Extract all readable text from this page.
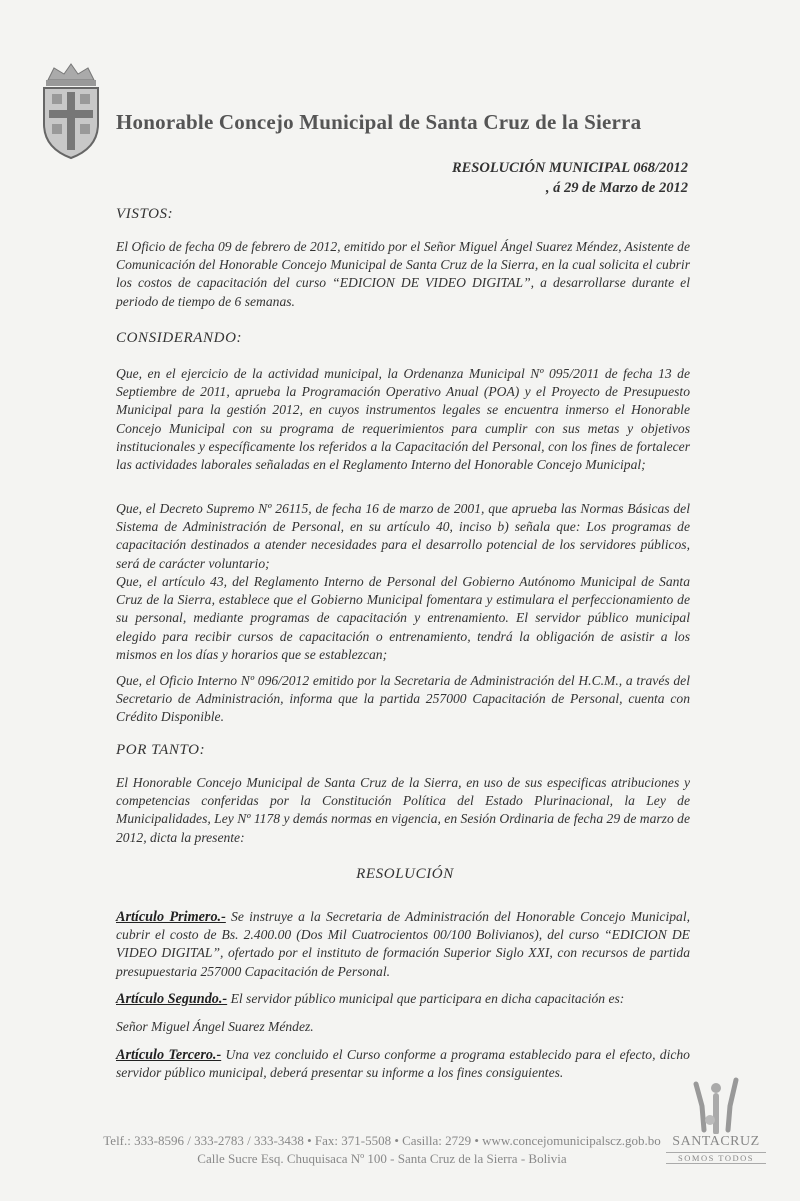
Honorable Concejo Municipal de Santa Cruz de la Sierra
RESOLUCIÓN MUNICIPAL 068/2012
, á 29 de Marzo de 2012
VISTOS:

El Oficio de fecha 09 de febrero de 2012, emitido por el Señor Miguel Ángel Suarez Méndez, Asistente de Comunicación del Honorable Concejo Municipal de Santa Cruz de la Sierra, en la cual solicita el cubrir los costos de capacitación del curso “EDICION DE VIDEO DIGITAL”, a desarrollarse durante el periodo de tiempo de 6 semanas.

CONSIDERANDO:

Que, en el ejercicio de la actividad municipal, la Ordenanza Municipal Nº 095/2011 de fecha 13 de Septiembre de 2011, aprueba la Programación Operativo Anual (POA) y el Proyecto de Presupuesto Municipal para la gestión 2012, en cuyos instrumentos legales se encuentra inmerso el Honorable Concejo Municipal con su programa de requerimientos para cumplir con sus metas y objetivos institucionales y específicamente los referidos a la Capacitación del Personal, con los fines de fortalecer las actividades laborales señaladas en el Reglamento Interno del Honorable Concejo Municipal;

Que, el Decreto Supremo Nº 26115, de fecha 16 de marzo de 2001, que aprueba las Normas Básicas del Sistema de Administración de Personal, en su artículo 40, inciso b) señala que: Los programas de capacitación destinados a atender necesidades para el desarrollo potencial de los servidores públicos, será de carácter voluntario;

Que, el artículo 43, del Reglamento Interno de Personal del Gobierno Autónomo Municipal de Santa Cruz de la Sierra, establece que el Gobierno Municipal fomentara y estimulara el perfeccionamiento de su personal, mediante programas de capacitación y entrenamiento. El servidor público municipal elegido para recibir cursos de capacitación o entrenamiento, tendrá la obligación de asistir a los mismos en los días y horarios que se establezcan;

Que, el Oficio Interno Nº 096/2012 emitido por la Secretaria de Administración del H.C.M., a través del Secretario de Administración, informa que la partida 257000 Capacitación de Personal, cuenta con Crédito Disponible.

POR TANTO:

El Honorable Concejo Municipal de Santa Cruz de la Sierra, en uso de sus especificas atribuciones y competencias conferidas por la Constitución Política del Estado Plurinacional, la Ley de Municipalidades, Ley Nº 1178 y demás normas en vigencia, en Sesión Ordinaria de fecha 29 de marzo de 2012, dicta la presente:

RESOLUCIÓN

Artículo Primero.- Se instruye a la Secretaria de Administración del Honorable Concejo Municipal, cubrir el costo de Bs. 2.400.00 (Dos Mil Cuatrocientos 00/100 Bolivianos), del curso “EDICION DE VIDEO DIGITAL”, ofertado por el instituto de formación Superior Siglo XXI, con recursos de partida presupuestaria 257000 Capacitación de Personal.

Artículo Segundo.- El servidor público municipal que participara en dicha capacitación es:

Señor Miguel Ángel Suarez Méndez.

Artículo Tercero.- Una vez concluido el Curso conforme a programa establecido para el efecto, dicho servidor público municipal, deberá presentar su informe a los fines consiguientes.

Telf.: 333-8596 / 333-2783 / 333-3438 • Fax: 371-5508 • Casilla: 2729 • www.concejomunicipalscz.gob.bo
Calle Sucre Esq. Chuquisaca Nº 100 - Santa Cruz de la Sierra - Bolivia
SANTACRUZ
SOMOS TODOS
